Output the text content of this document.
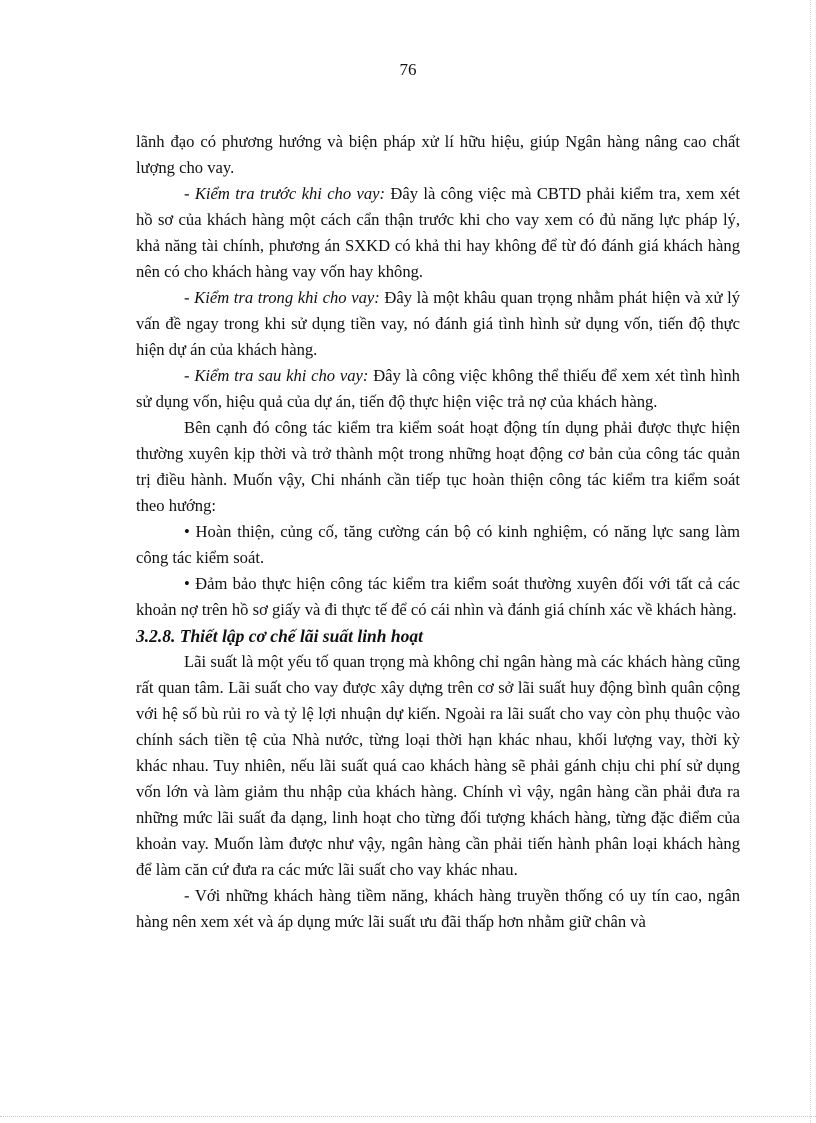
76

lãnh đạo có phương hướng và biện pháp xử lí hữu hiệu, giúp Ngân hàng nâng cao chất lượng cho vay.

- Kiểm tra trước khi cho vay: Đây là công việc mà CBTD phải kiểm tra, xem xét hồ sơ của khách hàng một cách cẩn thận trước khi cho vay xem có đủ năng lực pháp lý, khả năng tài chính, phương án SXKD có khả thi hay không để từ đó đánh giá khách hàng nên có cho khách hàng vay vốn hay không.

- Kiểm tra trong khi cho vay: Đây là một khâu quan trọng nhằm phát hiện và xử lý vấn đề ngay trong khi sử dụng tiền vay, nó đánh giá tình hình sử dụng vốn, tiến độ thực hiện dự án của khách hàng.

- Kiểm tra sau khi cho vay: Đây là công việc không thể thiếu để xem xét tình hình sử dụng vốn, hiệu quả của dự án, tiến độ thực hiện việc trả nợ của khách hàng.

Bên cạnh đó công tác kiểm tra kiểm soát hoạt động tín dụng phải được thực hiện thường xuyên kịp thời và trở thành một trong những hoạt động cơ bản của công tác quản trị điều hành. Muốn vậy, Chi nhánh cần tiếp tục hoàn thiện công tác kiểm tra kiểm soát theo hướng:

• Hoàn thiện, củng cố, tăng cường cán bộ có kinh nghiệm, có năng lực sang làm công tác kiểm soát.

• Đảm bảo thực hiện công tác kiểm tra kiểm soát thường xuyên đối với tất cả các khoản nợ trên hồ sơ giấy và đi thực tế để có cái nhìn và đánh giá chính xác về khách hàng.

3.2.8. Thiết lập cơ chế lãi suất linh hoạt

Lãi suất là một yếu tố quan trọng mà không chỉ ngân hàng mà các khách hàng cũng rất quan tâm. Lãi suất cho vay được xây dựng trên cơ sở lãi suất huy động bình quân cộng với hệ số bù rủi ro và tỷ lệ lợi nhuận dự kiến. Ngoài ra lãi suất cho vay còn phụ thuộc vào chính sách tiền tệ của Nhà nước, từng loại thời hạn khác nhau, khối lượng vay, thời kỳ khác nhau. Tuy nhiên, nếu lãi suất quá cao khách hàng sẽ phải gánh chịu chi phí sử dụng vốn lớn và làm giảm thu nhập của khách hàng. Chính vì vậy, ngân hàng cần phải đưa ra những mức lãi suất đa dạng, linh hoạt cho từng đối tượng khách hàng, từng đặc điểm của khoản vay. Muốn làm được như vậy, ngân hàng cần phải tiến hành phân loại khách hàng để làm căn cứ đưa ra các mức lãi suất cho vay khác nhau.

- Với những khách hàng tiềm năng, khách hàng truyền thống có uy tín cao, ngân hàng nên xem xét và áp dụng mức lãi suất ưu đãi thấp hơn nhằm giữ chân và
